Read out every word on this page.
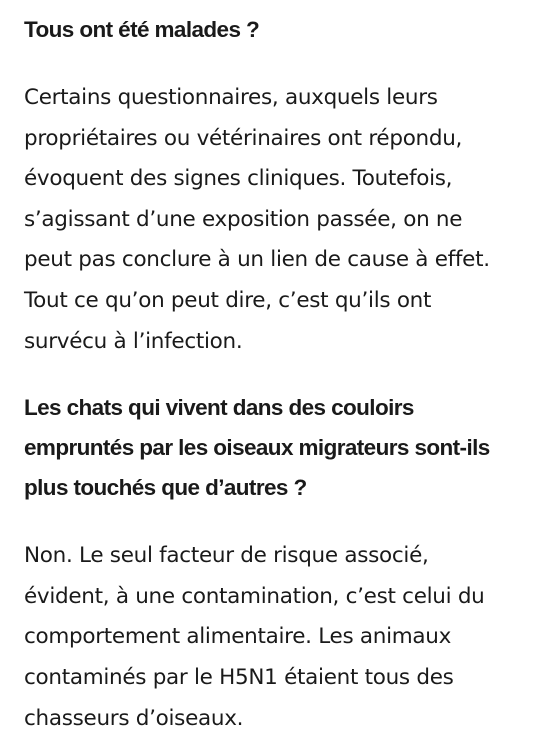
Tous ont été malades ?

Certains questionnaires, auxquels leurs propriétaires ou vétérinaires ont répondu, évoquent des signes cliniques. Toutefois, s’agissant d’une exposition passée, on ne peut pas conclure à un lien de cause à effet. Tout ce qu’on peut dire, c’est qu’ils ont survécu à l’infection.

Les chats qui vivent dans des couloirs empruntés par les oiseaux migrateurs sont-ils plus touchés que d’autres ?

Non. Le seul facteur de risque associé, évident, à une contamination, c’est celui du comportement alimentaire. Les animaux contaminés par le H5N1 étaient tous des chasseurs d’oiseaux.
